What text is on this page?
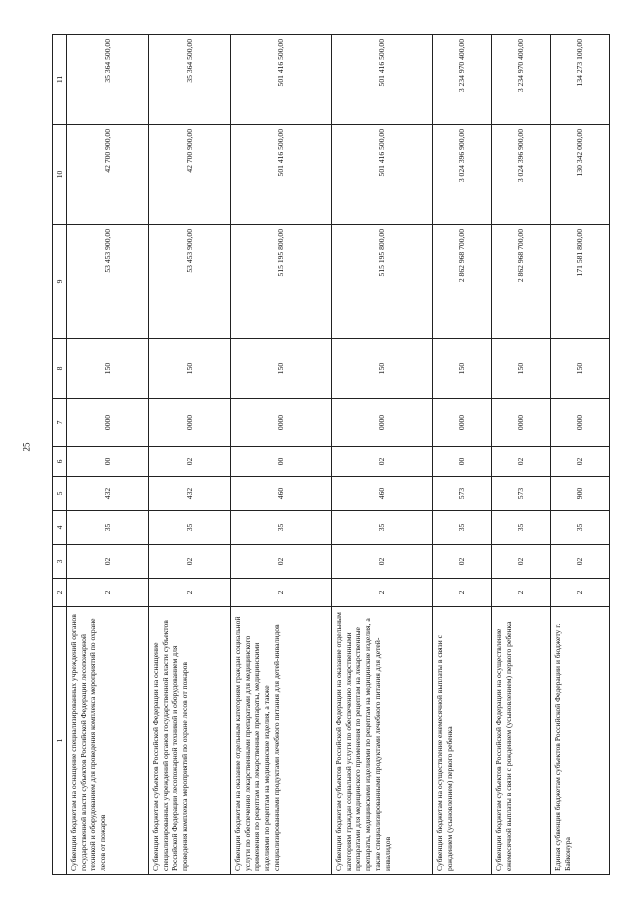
25
1	2	3	4	5	6	7	8	9	10	11
Субвенции бюджетам на оснащение специализированных учреждений органов государственной власти субъектов Российской Федерации лесопожарной техникой и оборудованием для проведения комплекса мероприятий по охране лесов от пожаров	2	02	35	432	00	0000	150	53 453 900,00	42 700 900,00	35 364 500,00
Субвенции бюджетам субъектов Российской Федерации на оснащение специализированных учреждений органов государственной власти субъектов Российской Федерации лесопожарной техникой и оборудованием для проведения комплекса мероприятий по охране лесов от пожаров	2	02	35	432	02	0000	150	53 453 900,00	42 700 900,00	35 364 500,00
Субвенции бюджетам на оказание отдельным категориям граждан социальной услуги по обеспечению лекарственными препаратами для медицинского применения по рецептам на лекарственные препараты, медицинскими изделиями по рецептам на медицинские изделия, а также специализированными продуктами лечебного питания для детей-инвалидов	2	02	35	460	00	0000	150	515 195 800,00	501 416 500,00	501 416 500,00
Субвенции бюджетам субъектов Российской Федерации на оказание отдельным категориям граждан социальной услуги по обеспечению лекарственными препаратами для медицинского применения по рецептам на лекарственные препараты, медицинскими изделиями по рецептам на медицинские изделия, а также специализированными продуктами лечебного питания для детей-инвалидов	2	02	35	460	02	0000	150	515 195 800,00	501 416 500,00	501 416 500,00
Субвенции бюджетам на осуществление ежемесячной выплаты в связи с рождением (усыновлением) первого ребенка	2	02	35	573	00	0000	150	2 862 968 700,00	3 024 396 900,00	3 234 970 400,00
Субвенции бюджетам субъектов Российской Федерации на осуществление ежемесячной выплаты в связи с рождением (усыновлением) первого ребенка	2	02	35	573	02	0000	150	2 862 968 700,00	3 024 396 900,00	3 234 970 400,00
Единая субвенция бюджетам субъектов Российской Федерации и бюджету г. Байконура	2	02	35	900	02	0000	150	171 581 800,00	130 342 000,00	134 273 100,00
